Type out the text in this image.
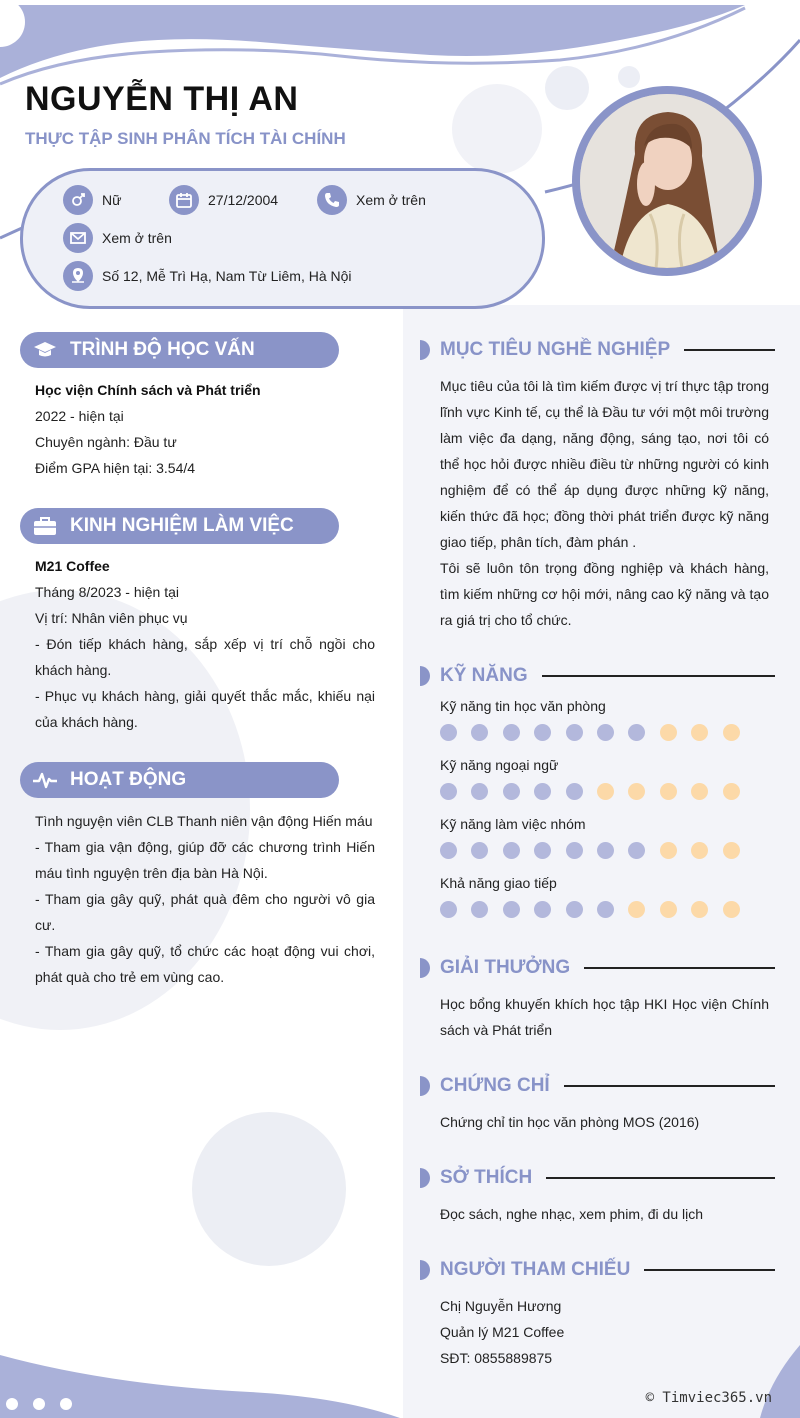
NGUYỄN THỊ AN
THỰC TẬP SINH PHÂN TÍCH TÀI CHÍNH
Nữ	27/12/2004	Xem ở trên
Xem ở trên
Số 12, Mễ Trì Hạ, Nam Từ Liêm, Hà Nội
TRÌNH ĐỘ HỌC VẤN

Học viện Chính sách và Phát triển

2022 - hiện tại

Chuyên ngành: Đầu tư

Điểm GPA hiện tại: 3.54/4

KINH NGHIỆM LÀM VIỆC

M21 Coffee

Tháng 8/2023 - hiện tại

Vị trí: Nhân viên phục vụ

- Đón tiếp khách hàng, sắp xếp vị trí chỗ ngồi cho khách hàng.

- Phục vụ khách hàng, giải quyết thắc mắc, khiếu nại của khách hàng.

HOẠT ĐỘNG

Tình nguyện viên CLB Thanh niên vận động Hiến máu

- Tham gia vận động, giúp đỡ các chương trình Hiến máu tình nguyện trên địa bàn Hà Nội.

- Tham gia gây quỹ, phát quà đêm cho người vô gia cư.

- Tham gia gây quỹ, tổ chức các hoạt động vui chơi, phát quà cho trẻ em vùng cao.

MỤC TIÊU NGHỀ NGHIỆP

Mục tiêu của tôi là tìm kiếm được vị trí thực tập trong lĩnh vực Kinh tế, cụ thể là Đầu tư với một môi trường làm việc đa dạng, năng động, sáng tạo, nơi tôi có thể học hỏi được nhiều điều từ những người có kinh nghiệm để có thể áp dụng được những kỹ năng, kiến thức đã học; đồng thời phát triển được kỹ năng giao tiếp, phân tích, đàm phán .

Tôi sẽ luôn tôn trọng đồng nghiệp và khách hàng, tìm kiếm những cơ hội mới, nâng cao kỹ năng và tạo ra giá trị cho tổ chức.

KỸ NĂNG
Kỹ năng tin học văn phòng
Kỹ năng ngoại ngữ
Kỹ năng làm việc nhóm
Khả năng giao tiếp
GIẢI THƯỞNG

Học bổng khuyến khích học tập HKI Học viện Chính sách và Phát triển

CHỨNG CHỈ

Chứng chỉ tin học văn phòng MOS (2016)

SỞ THÍCH

Đọc sách, nghe nhạc, xem phim, đi du lịch

NGƯỜI THAM CHIẾU

Chị Nguyễn Hương

Quản lý M21 Coffee

SĐT: 0855889875

© Timviec365.vn
